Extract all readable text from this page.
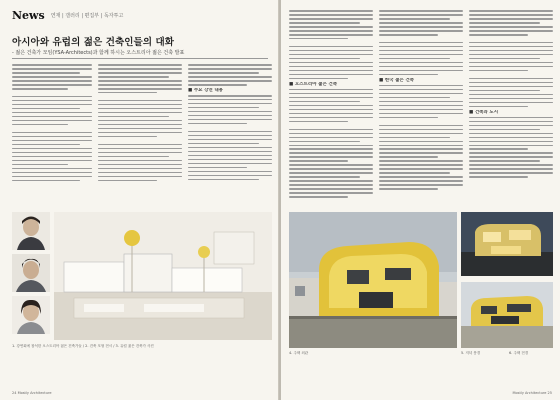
News 연재 | 갤러리 | 편집부 | 독자투고
아시아와 유럽의 젊은 건축인들의 대화
- 젊은 건축가 모임(YSA-Architects)과 함께 하시는 오스트리아 젊은 건축 발표
■ 주요 강연 내용
1. 강연회에 참석한 오스트리아 젊은 건축가들 / 2. 건축 모형 전시 / 3. 유럽 젊은 건축가 사진
24 Mostly Architecture
■ 오스트리아 젊은 건축
■ 한국 젊은 건축
■ 건축과 도시
4. 주택 외관	5. 저녁 풍경	6. 주택 전경
Mostly Architecture 25
